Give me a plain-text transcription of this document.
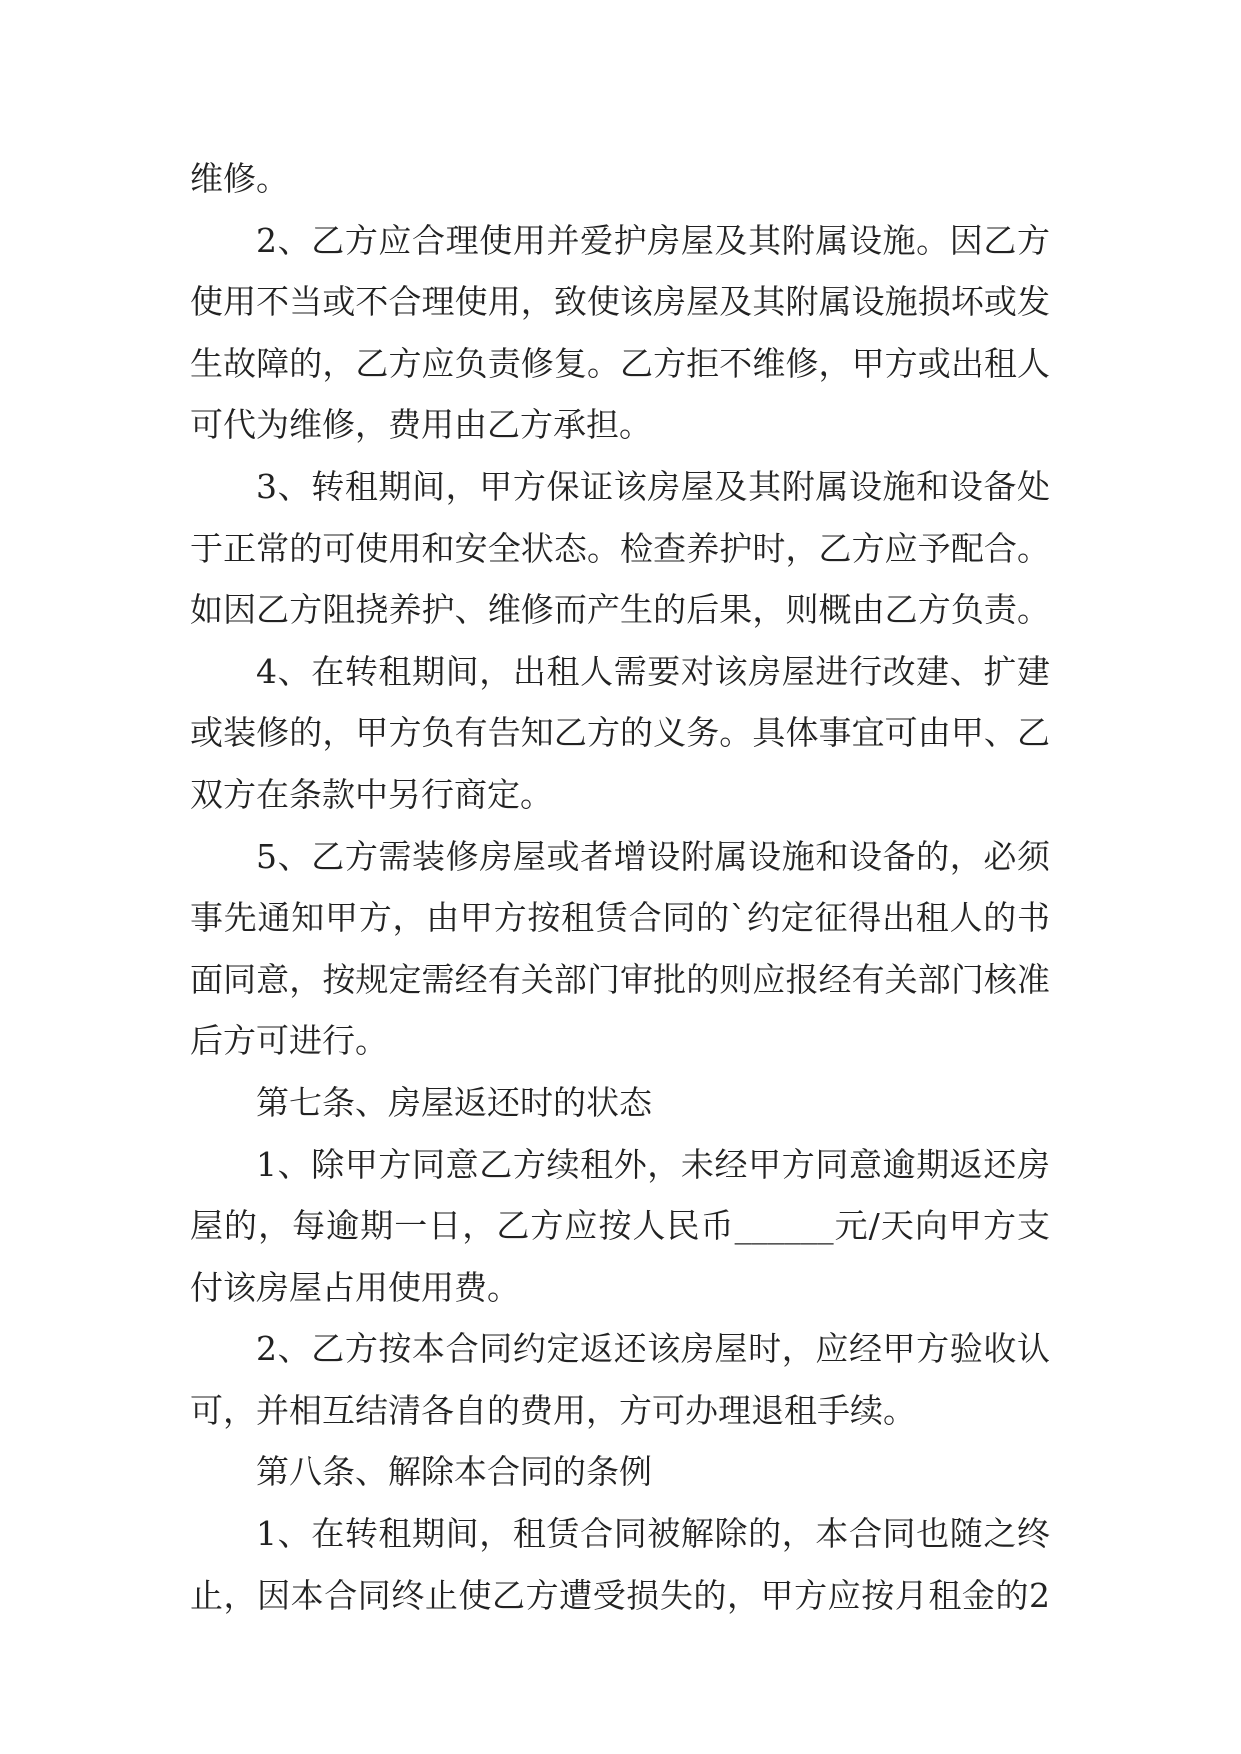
维修。
2、乙方应合理使用并爱护房屋及其附属设施。因乙方
使用不当或不合理使用，致使该房屋及其附属设施损坏或发
生故障的，乙方应负责修复。乙方拒不维修，甲方或出租人
可代为维修，费用由乙方承担。
3、转租期间，甲方保证该房屋及其附属设施和设备处
于正常的可使用和安全状态。检查养护时，乙方应予配合。
如因乙方阻挠养护、维修而产生的后果，则概由乙方负责。
4、在转租期间，出租人需要对该房屋进行改建、扩建
或装修的，甲方负有告知乙方的义务。具体事宜可由甲、乙
双方在条款中另行商定。
5、乙方需装修房屋或者增设附属设施和设备的，必须
事先通知甲方，由甲方按租赁合同的`约定征得出租人的书
面同意，按规定需经有关部门审批的则应报经有关部门核准
后方可进行。
第七条、房屋返还时的状态
1、除甲方同意乙方续租外，未经甲方同意逾期返还房
屋的，每逾期一日，乙方应按人民币______元/天向甲方支
付该房屋占用使用费。
2、乙方按本合同约定返还该房屋时，应经甲方验收认
可，并相互结清各自的费用，方可办理退租手续。
第八条、解除本合同的条例
1、在转租期间，租赁合同被解除的，本合同也随之终
止，因本合同终止使乙方遭受损失的，甲方应按月租金的2
